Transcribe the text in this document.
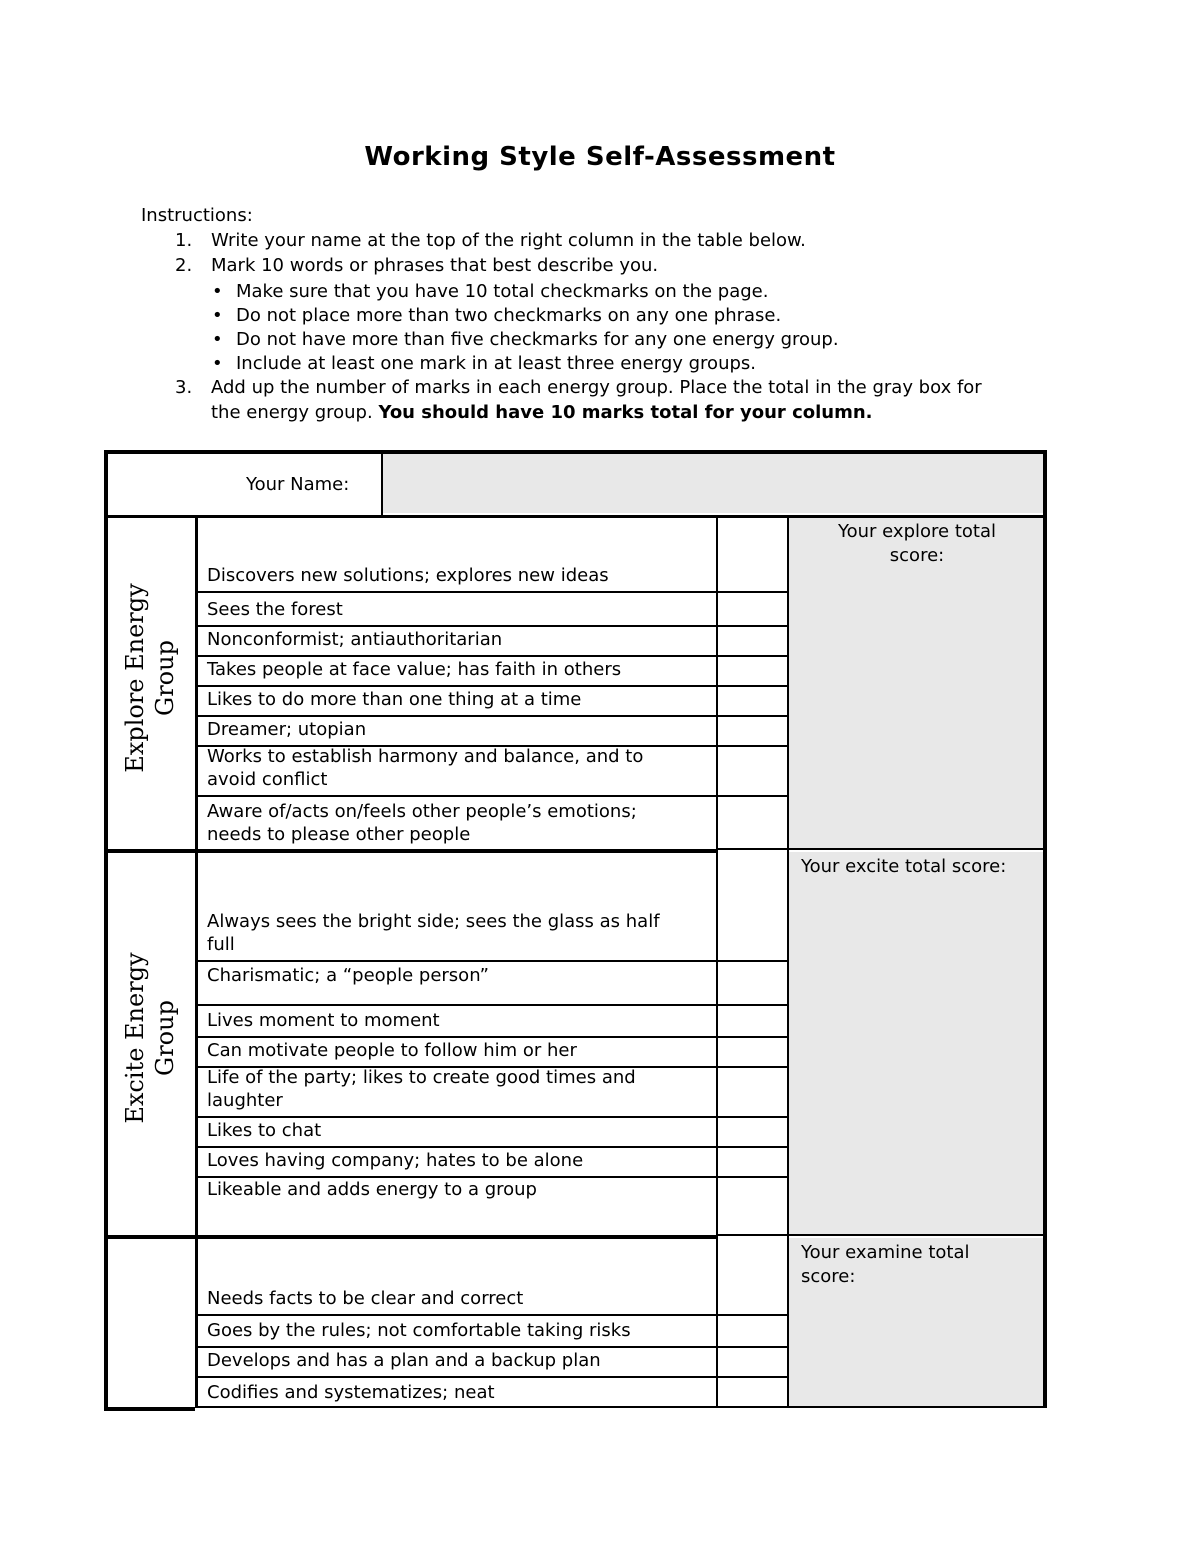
Working Style Self-Assessment
Instructions:
1. Write your name at the top of the right column in the table below.
2. Mark 10 words or phrases that best describe you.
• Make sure that you have 10 total checkmarks on the page.
• Do not place more than two checkmarks on any one phrase.
• Do not have more than five checkmarks for any one energy group.
• Include at least one mark in at least three energy groups.
3. Add up the number of marks in each energy group. Place the total in the gray box for
the energy group. You should have 10 marks total for your column.
Your Name:
Discovers new solutions; explores new ideas
Sees the forest
Nonconformist; antiauthoritarian
Takes people at face value; has faith in others
Likes to do more than one thing at a time
Dreamer; utopian
Works to establish harmony and balance, and to
avoid conflict
Aware of/acts on/feels other people’s emotions;
needs to please other people
Explore Energy Group
Your explore total
score:
Always sees the bright side; sees the glass as half
full
Charismatic; a “people person”
Lives moment to moment
Can motivate people to follow him or her
Life of the party; likes to create good times and
laughter
Likes to chat
Loves having company; hates to be alone
Likeable and adds energy to a group
Excite Energy Group
Your excite total score:
Needs facts to be clear and correct
Goes by the rules; not comfortable taking risks
Develops and has a plan and a backup plan
Codifies and systematizes; neat
Your examine total
score:
